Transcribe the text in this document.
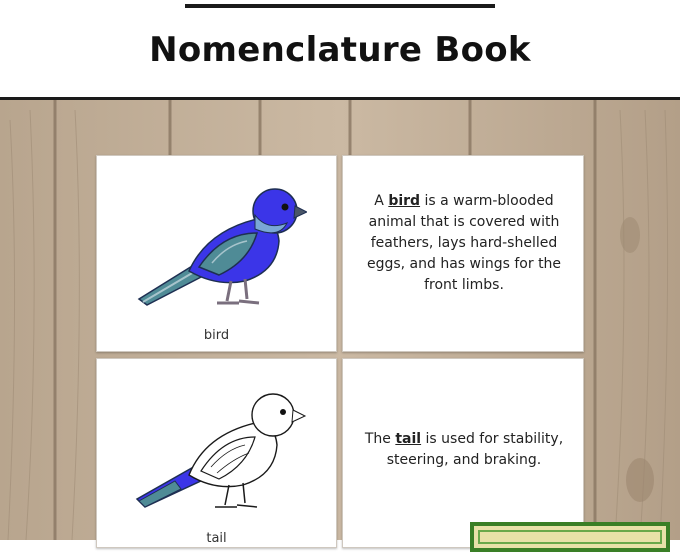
Nomenclature Book
bird
A bird is a warm-blooded animal that is covered with feathers, lays hard-shelled eggs, and has wings for the front limbs.
tail
The tail is used for stability, steering, and braking.
